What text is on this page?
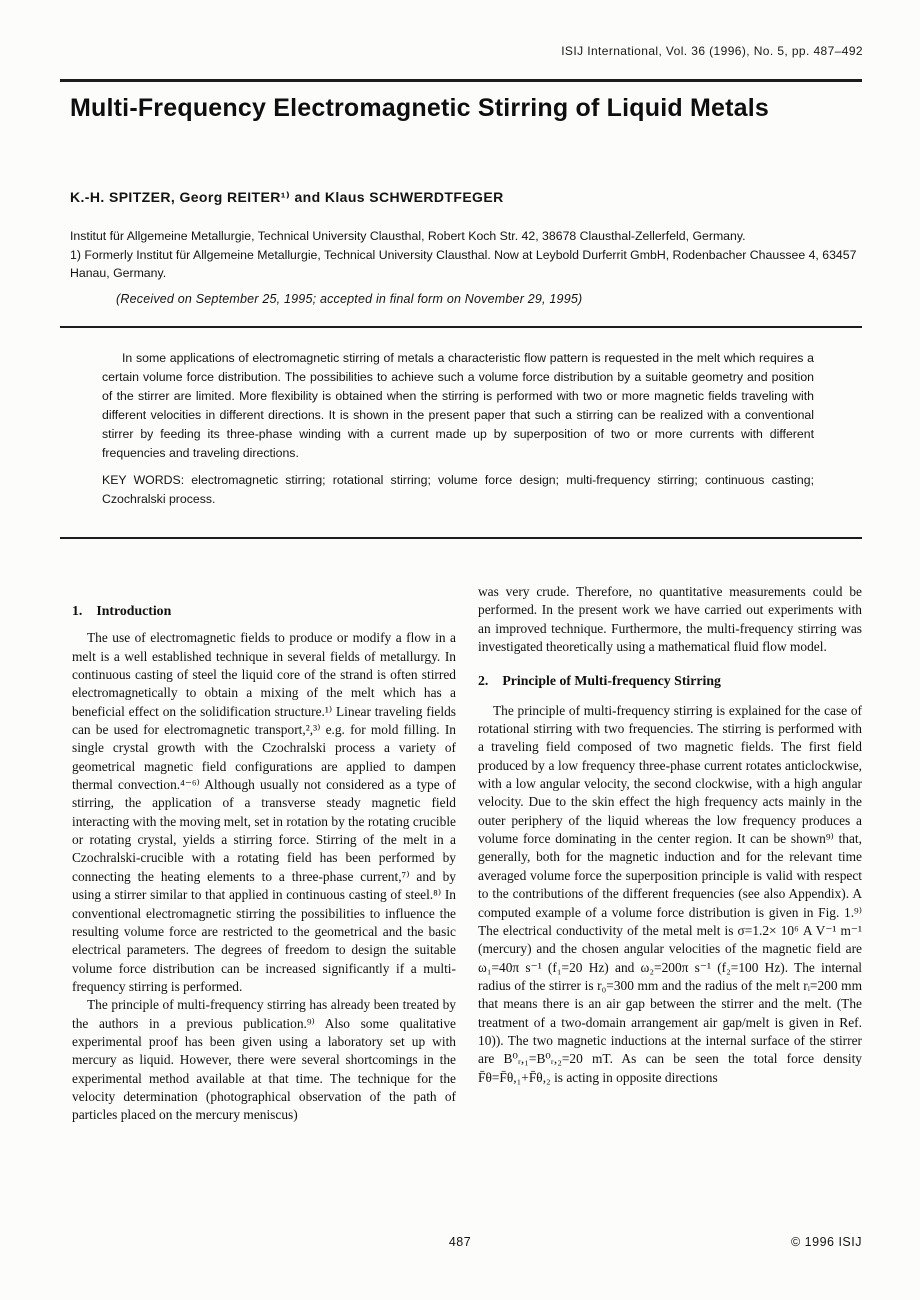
ISIJ International, Vol. 36 (1996), No. 5, pp. 487–492
Multi-Frequency Electromagnetic Stirring of Liquid Metals
K.-H. SPITZER, Georg REITER¹⁾ and Klaus SCHWERDTFEGER
Institut für Allgemeine Metallurgie, Technical University Clausthal, Robert Koch Str. 42, 38678 Clausthal-Zellerfeld, Germany.
1) Formerly Institut für Allgemeine Metallurgie, Technical University Clausthal. Now at Leybold Durferrit GmbH, Rodenbacher Chaussee 4, 63457 Hanau, Germany.
(Received on September 25, 1995; accepted in final form on November 29, 1995)
In some applications of electromagnetic stirring of metals a characteristic flow pattern is requested in the melt which requires a certain volume force distribution. The possibilities to achieve such a volume force distribution by a suitable geometry and position of the stirrer are limited. More flexibility is obtained when the stirring is performed with two or more magnetic fields traveling with different velocities in different directions. It is shown in the present paper that such a stirring can be realized with a conventional stirrer by feeding its three-phase winding with a current made up by superposition of two or more currents with different frequencies and traveling directions.
KEY WORDS: electromagnetic stirring; rotational stirring; volume force design; multi-frequency stirring; continuous casting; Czochralski process.
1. Introduction

The use of electromagnetic fields to produce or modify a flow in a melt is a well established technique in several fields of metallurgy. In continuous casting of steel the liquid core of the strand is often stirred electromagnetically to obtain a mixing of the melt which has a beneficial effect on the solidification structure.¹⁾ Linear traveling fields can be used for electromagnetic transport,²,³⁾ e.g. for mold filling. In single crystal growth with the Czochralski process a variety of geometrical magnetic field configurations are applied to dampen thermal convection.⁴⁻⁶⁾ Although usually not considered as a type of stirring, the application of a transverse steady magnetic field interacting with the moving melt, set in rotation by the rotating crucible or rotating crystal, yields a stirring force. Stirring of the melt in a Czochralski-crucible with a rotating field has been performed by connecting the heating elements to a three-phase current,⁷⁾ and by using a stirrer similar to that applied in continuous casting of steel.⁸⁾ In conventional electromagnetic stirring the possibilities to influence the resulting volume force are restricted to the geometrical and the basic electrical parameters. The degrees of freedom to design the suitable volume force distribution can be increased significantly if a multi-frequency stirring is performed.

The principle of multi-frequency stirring has already been treated by the authors in a previous publication.⁹⁾ Also some qualitative experimental proof has been given using a laboratory set up with mercury as liquid. However, there were several shortcomings in the experimental method available at that time. The technique for the velocity determination (photographical observation of the path of particles placed on the mercury meniscus)

was very crude. Therefore, no quantitative measurements could be performed. In the present work we have carried out experiments with an improved technique. Furthermore, the multi-frequency stirring was investigated theoretically using a mathematical fluid flow model.

2. Principle of Multi-frequency Stirring

The principle of multi-frequency stirring is explained for the case of rotational stirring with two frequencies. The stirring is performed with a traveling field composed of two magnetic fields. The first field produced by a low frequency three-phase current rotates anticlockwise, with a low angular velocity, the second clockwise, with a high angular velocity. Due to the skin effect the high frequency acts mainly in the outer periphery of the liquid whereas the low frequency produces a volume force dominating in the center region. It can be shown⁹⁾ that, generally, both for the magnetic induction and for the relevant time averaged volume force the superposition principle is valid with respect to the contributions of the different frequencies (see also Appendix). A computed example of a volume force distribution is given in Fig. 1.⁹⁾ The electrical conductivity of the metal melt is σ=1.2× 10⁶ A V⁻¹ m⁻¹ (mercury) and the chosen angular velocities of the magnetic field are ω₁=40π s⁻¹ (f₁=20 Hz) and ω₂=200π s⁻¹ (f₂=100 Hz). The internal radius of the stirrer is r₀=300 mm and the radius of the melt rᵢ=200 mm that means there is an air gap between the stirrer and the melt. (The treatment of a two-domain arrangement air gap/melt is given in Ref. 10)). The two magnetic inductions at the internal surface of the stirrer are B⁰ᵣ,₁=B⁰ᵣ,₂=20 mT. As can be seen the total force density F̄θ=F̄θ,₁+F̄θ,₂ is acting in opposite directions

487	© 1996 ISIJ
